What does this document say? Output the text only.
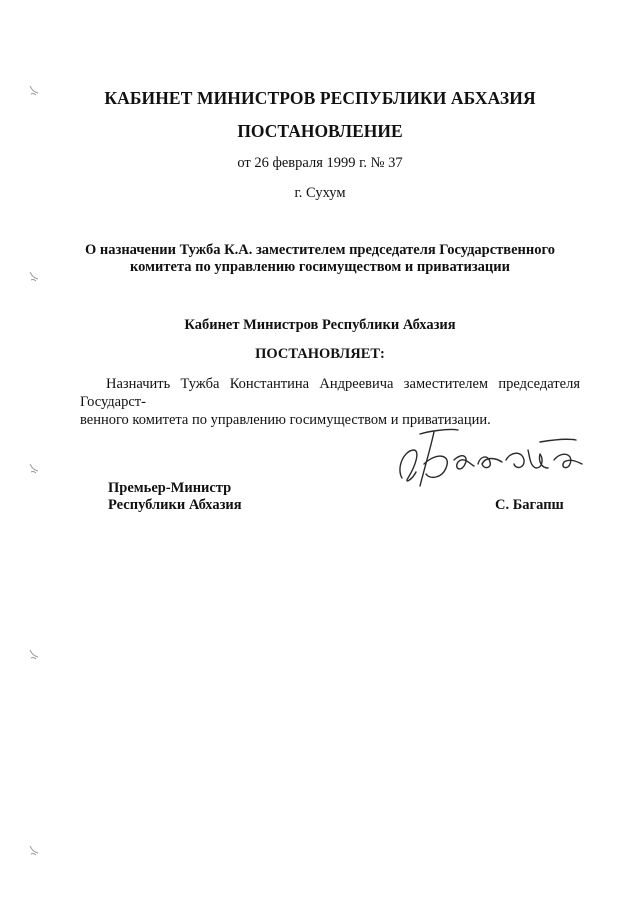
КАБИНЕТ МИНИСТРОВ РЕСПУБЛИКИ АБХАЗИЯ
ПОСТАНОВЛЕНИЕ
от 26 февраля 1999 г. № 37
г. Сухум
О назначении Тужба К.А. заместителем председателя Государственного
комитета по управлению госимуществом и приватизации
Кабинет Министров Республики Абхазия
ПОСТАНОВЛЯЕТ:
Назначить Тужба Константина Андреевича заместителем председателя Государст-
венного комитета по управлению госимуществом и приватизации.
Премьер-Министр
Республики Абхазия	С. Багапш
